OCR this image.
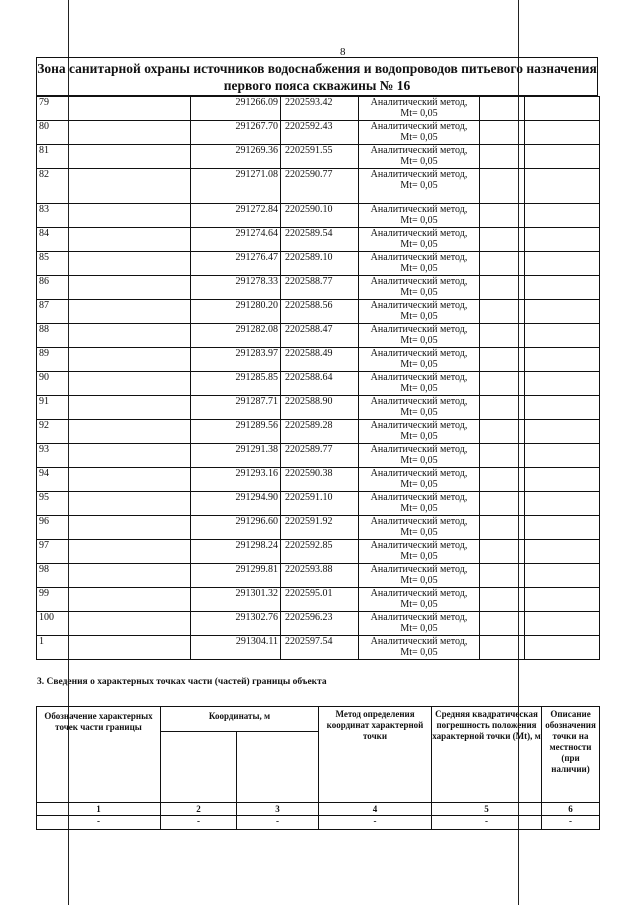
8
Зона санитарной охраны источников водоснабжения и водопроводов питьевого назначения
первого пояса скважины № 16
79	291266.09	2202593.42	Аналитический метод,
Mt= 0,05		

80	291267.70	2202592.43	Аналитический метод,
Mt= 0,05		

81	291269.36	2202591.55	Аналитический метод,
Mt= 0,05		

82	291271.08	2202590.77	Аналитический метод,
Mt= 0,05		

83	291272.84	2202590.10	Аналитический метод,
Mt= 0,05		

84	291274.64	2202589.54	Аналитический метод,
Mt= 0,05		

85	291276.47	2202589.10	Аналитический метод,
Mt= 0,05		

86	291278.33	2202588.77	Аналитический метод,
Mt= 0,05		

87	291280.20	2202588.56	Аналитический метод,
Mt= 0,05		

88	291282.08	2202588.47	Аналитический метод,
Mt= 0,05		

89	291283.97	2202588.49	Аналитический метод,
Mt= 0,05		

90	291285.85	2202588.64	Аналитический метод,
Mt= 0,05		

91	291287.71	2202588.90	Аналитический метод,
Mt= 0,05		

92	291289.56	2202589.28	Аналитический метод,
Mt= 0,05		

93	291291.38	2202589.77	Аналитический метод,
Mt= 0,05		

94	291293.16	2202590.38	Аналитический метод,
Mt= 0,05		

95	291294.90	2202591.10	Аналитический метод,
Mt= 0,05		

96	291296.60	2202591.92	Аналитический метод,
Mt= 0,05		

97	291298.24	2202592.85	Аналитический метод,
Mt= 0,05		

98	291299.81	2202593.88	Аналитический метод,
Mt= 0,05		

99	291301.32	2202595.01	Аналитический метод,
Mt= 0,05		

100	291302.76	2202596.23	Аналитический метод,
Mt= 0,05		

1	291304.11	2202597.54	Аналитический метод,
Mt= 0,05		

3. Сведения о характерных точках части (частей) границы объекта
Обозначение характерных точек части границы	Координаты, м		Метод определения координат характерной точки	Средняя квадратическая погрешность положения характерной точки (Mt), м	Описание обозначения точки на местности (при наличии)

1	2	3	4	5	6
-	-	-	-	-	-
